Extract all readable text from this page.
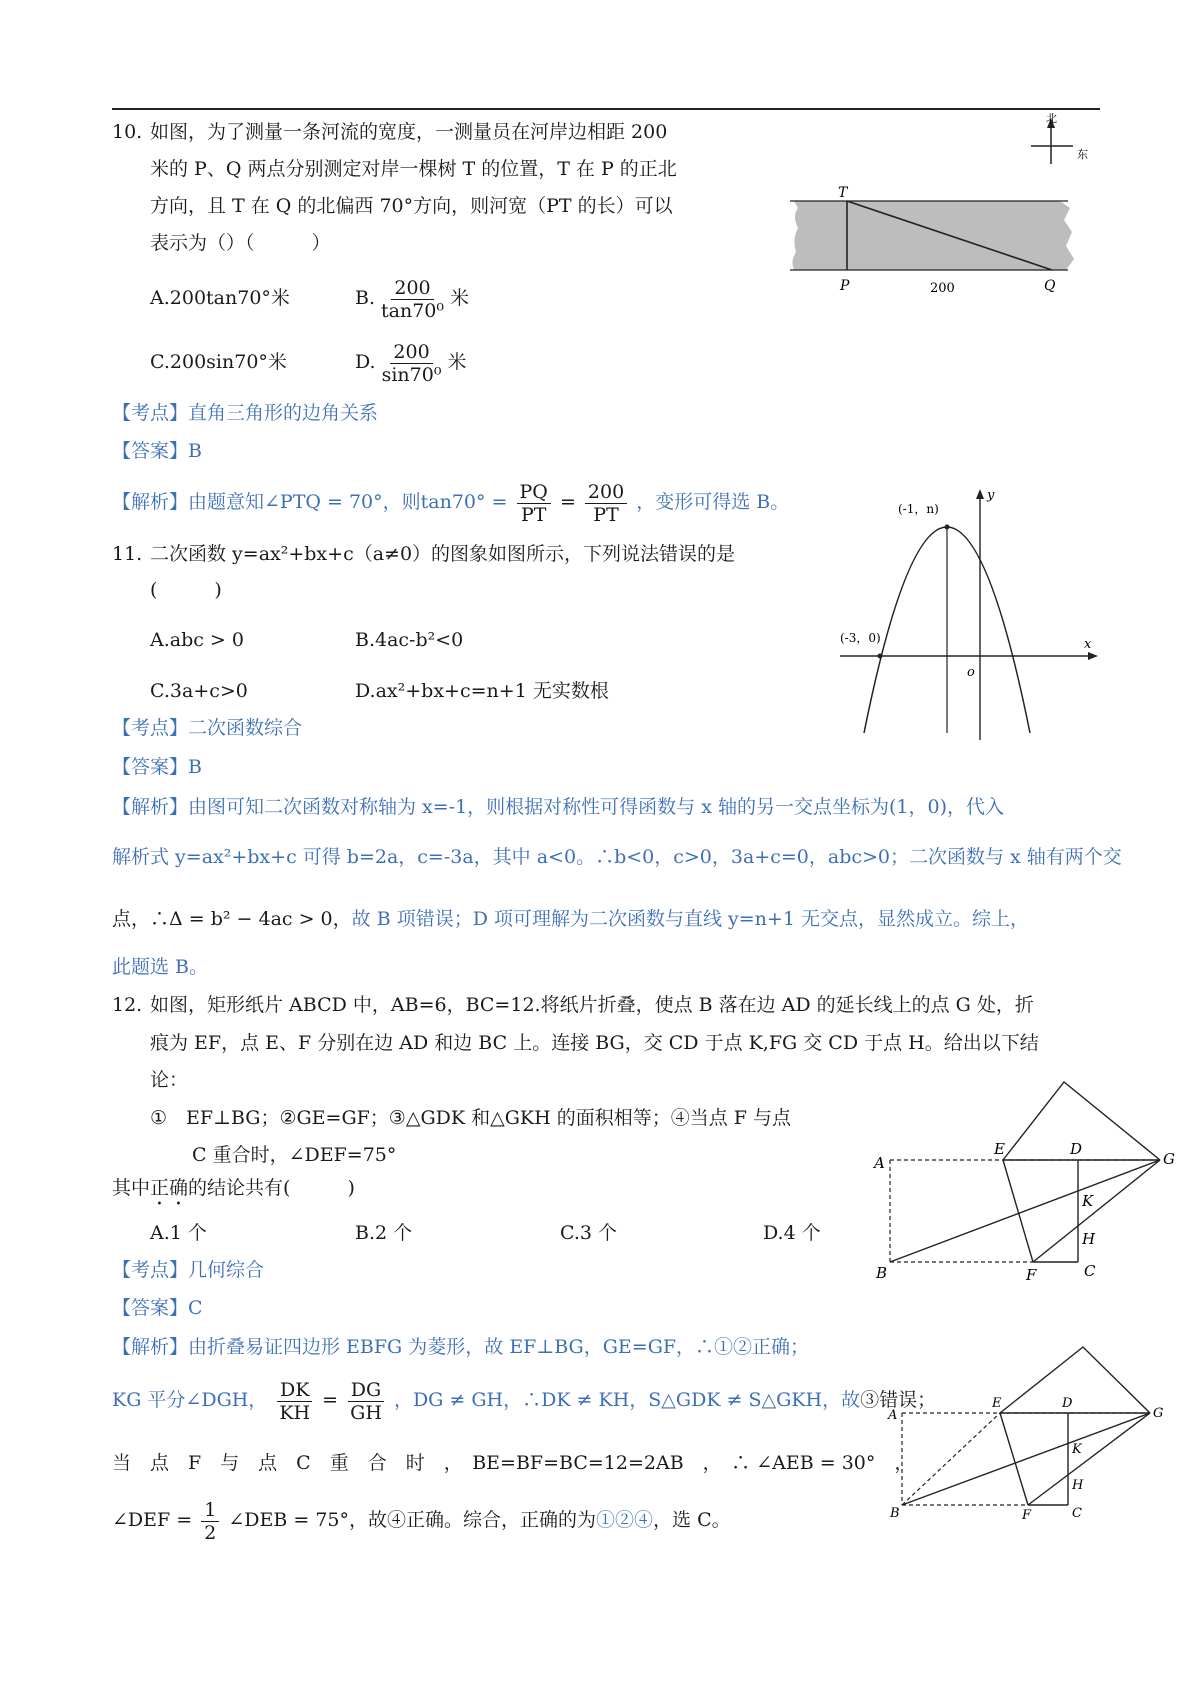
10. 如图，为了测量一条河流的宽度，一测量员在河岸边相距 200
米的 P、Q 两点分别测定对岸一棵树 T 的位置，T 在 P 的正北
方向，且 T 在 Q 的北偏西 70°方向，则河宽（PT 的长）可以
表示为（）（　　　）
A.200tan70°米	B. $\frac{200}{\text{tan70⁰}}$ 米
C.200sin70°米	D. $\frac{200}{\text{sin70⁰}}$ 米
【考点】直角三角形的边角关系
【答案】B
【解析】由题意知∠PTQ = 70°，则$\tan 70^\circ = \frac{PQ}{PT} = \frac{200}{PT}$ ，变形可得选 B。
北
东
T
P	Q
200
11. 二次函数 y=ax²+bx+c（a≠0）的图象如图所示，下列说法错误的是
(　　　)
A.abc > 0	B.4ac-b²<0
C.3a+c>0	D.ax²+bx+c=n+1 无实数根
【考点】二次函数综合
【答案】B
【解析】由图可知二次函数对称轴为 x=-1，则根据对称性可得函数与 x 轴的另一交点坐标为(1，0)，代入
解析式 y=ax²+bx+c 可得 b=2a，c=-3a，其中 a<0。∴b<0，c>0，3a+c=0，abc>0；二次函数与 x 轴有两个交
点，∴Δ = b² − 4ac > 0，故 B 项错误；D 项可理解为二次函数与直线 y=n+1 无交点，显然成立。综上，
此题选 B。
(-1，n)
(-3，0)
y
x
o
12. 如图，矩形纸片 ABCD 中，AB=6，BC=12.将纸片折叠，使点 B 落在边 AD 的延长线上的点 G 处，折
痕为 EF，点 E、F 分别在边 AD 和边 BC 上。连接 BG，交 CD 于点 K,FG 交 CD 于点 H。给出以下结
论：
①　EF⊥BG；②GE=GF；③△GDK 和△GKH 的面积相等；④当点 F 与点
C 重合时，∠DEF=75°
其中正确的结论共有(　　　)
A.1 个	B.2 个	C.3 个	D.4 个
【考点】几何综合
【答案】C
【解析】由折叠易证四边形 EBFG 为菱形，故 EF⊥BG，GE=GF，∴①②正确；
KG 平分∠DGH， $\frac{DK}{KH} = \frac{DG}{GH}$ ，DG ≠ GH，∴DK ≠ KH，S△GDK ≠ S△GKH，故③错误；
当　点　F　与　点　C　重　合　时　，　BE=BF=BC=12=2AB　，　∴ ∠AEB = 30°　，
∠DEF = $\frac{1}{2}$ ∠DEB = 75°，故④正确。综合，正确的为①②④，选 C。
A
B	C
D
E
F
G
H
K
A
B	C
D
E
F
G
H
K
